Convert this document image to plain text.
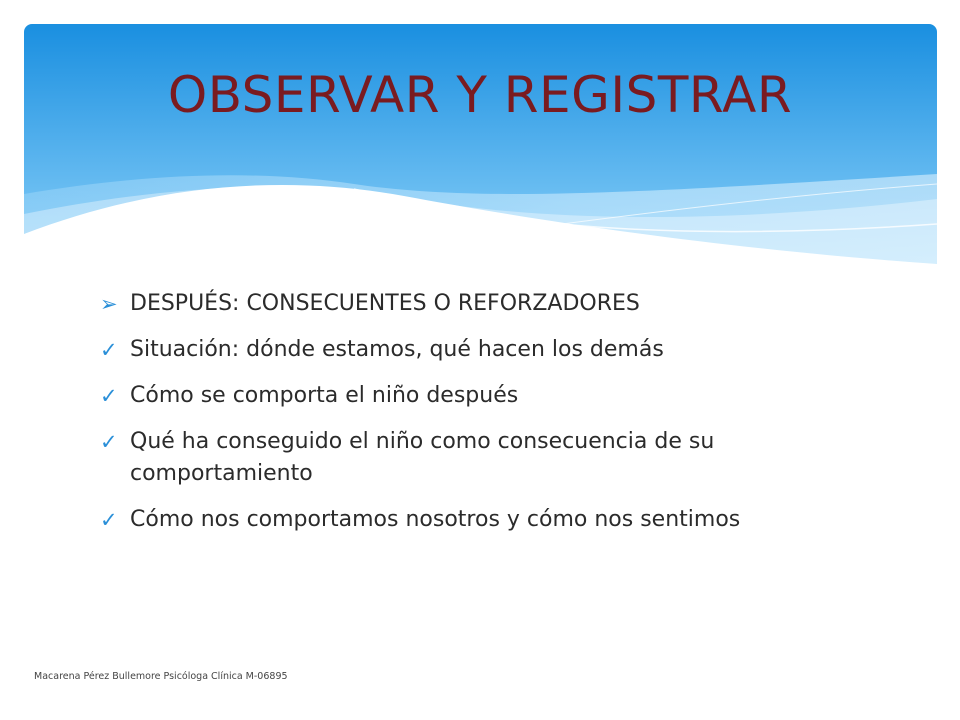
OBSERVAR Y REGISTRAR
➢ DESPUÉS: CONSECUENTES O REFORZADORES
✓ Situación: dónde estamos, qué hacen los demás
✓ Cómo se comporta el niño después
✓ Qué ha conseguido el niño como consecuencia de su comportamiento
✓ Cómo nos comportamos nosotros y cómo nos sentimos
Macarena Pérez Bullemore Psicóloga Clínica M-06895
